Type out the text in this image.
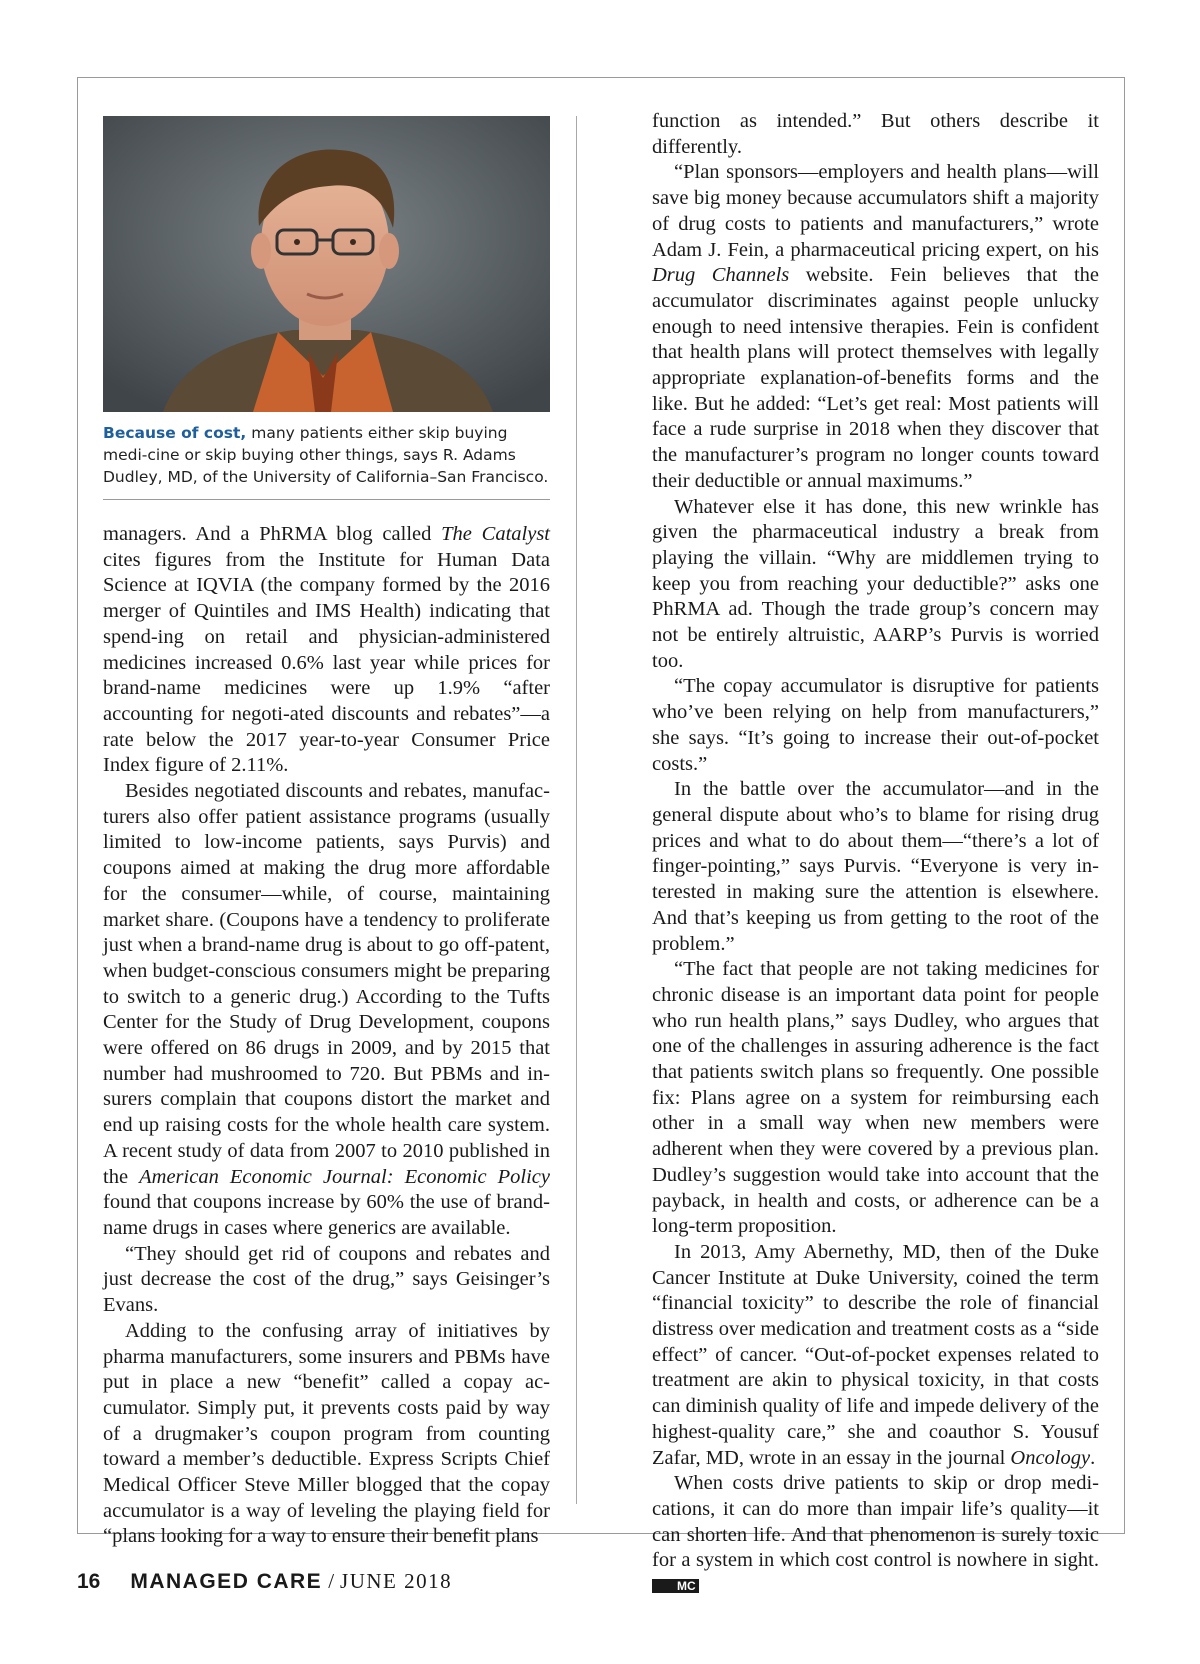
Because of cost, many patients either skip buying medi-cine or skip buying other things, says R. Adams Dudley, MD, of the University of California–San Francisco.

managers. And a PhRMA blog called The Catalyst cites figures from the Institute for Human Data Science at IQVIA (the company formed by the 2016 merger of Quintiles and IMS Health) indicating that spend-ing on retail and physician-administered medicines increased 0.6% last year while prices for brand-name medicines were up 1.9% “after accounting for negoti-ated discounts and rebates”—a rate below the 2017 year-to-year Consumer Price Index figure of 2.11%.

Besides negotiated discounts and rebates, manufac-turers also offer patient assistance programs (usually limited to low-income patients, says Purvis) and coupons aimed at making the drug more affordable for the consumer—while, of course, maintaining market share. (Coupons have a tendency to proliferate just when a brand-name drug is about to go off-patent, when budget-conscious consumers might be preparing to switch to a generic drug.) According to the Tufts Center for the Study of Drug Development, coupons were offered on 86 drugs in 2009, and by 2015 that number had mushroomed to 720. But PBMs and in-surers complain that coupons distort the market and end up raising costs for the whole health care system. A recent study of data from 2007 to 2010 published in the American Economic Journal: Economic Policy found that coupons increase by 60% the use of brand-name drugs in cases where generics are available.

“They should get rid of coupons and rebates and just decrease the cost of the drug,” says Geisinger’s Evans.

Adding to the confusing array of initiatives by pharma manufacturers, some insurers and PBMs have put in place a new “benefit” called a copay ac-cumulator. Simply put, it prevents costs paid by way of a drugmaker’s coupon program from counting toward a member’s deductible. Express Scripts Chief Medical Officer Steve Miller blogged that the copay accumulator is a way of leveling the playing field for “plans looking for a way to ensure their benefit plans

function as intended.” But others describe it differently.

“Plan sponsors—employers and health plans—will save big money because accumulators shift a majority of drug costs to patients and manufacturers,” wrote Adam J. Fein, a pharmaceutical pricing expert, on his Drug Channels website. Fein believes that the accumulator discriminates against people unlucky enough to need intensive therapies. Fein is confident that health plans will protect themselves with legally appropriate explanation-of-benefits forms and the like. But he added: “Let’s get real: Most patients will face a rude surprise in 2018 when they discover that the manufacturer’s program no longer counts toward their deductible or annual maximums.”

Whatever else it has done, this new wrinkle has given the pharmaceutical industry a break from playing the villain. “Why are middlemen trying to keep you from reaching your deductible?” asks one PhRMA ad. Though the trade group’s concern may not be entirely altruistic, AARP’s Purvis is worried too.

“The copay accumulator is disruptive for patients who’ve been relying on help from manufacturers,” she says. “It’s going to increase their out-of-pocket costs.”

In the battle over the accumulator—and in the general dispute about who’s to blame for rising drug prices and what to do about them—“there’s a lot of finger-pointing,” says Purvis. “Everyone is very in-terested in making sure the attention is elsewhere. And that’s keeping us from getting to the root of the problem.”

“The fact that people are not taking medicines for chronic disease is an important data point for people who run health plans,” says Dudley, who argues that one of the challenges in assuring adherence is the fact that patients switch plans so frequently. One possible fix: Plans agree on a system for reimbursing each other in a small way when new members were adherent when they were covered by a previous plan. Dudley’s suggestion would take into account that the payback, in health and costs, or adherence can be a long-term proposition.

In 2013, Amy Abernethy, MD, then of the Duke Cancer Institute at Duke University, coined the term “financial toxicity” to describe the role of financial distress over medication and treatment costs as a “side effect” of cancer. “Out-of-pocket expenses related to treatment are akin to physical toxicity, in that costs can diminish quality of life and impede delivery of the highest-quality care,” she and coauthor S. Yousuf Zafar, MD, wrote in an essay in the journal Oncology.

When costs drive patients to skip or drop medi-cations, it can do more than impair life’s quality—it can shorten life. And that phenomenon is surely toxic for a system in which cost control is nowhere in sight. MC

16 MANAGED CARE / JUNE 2018
